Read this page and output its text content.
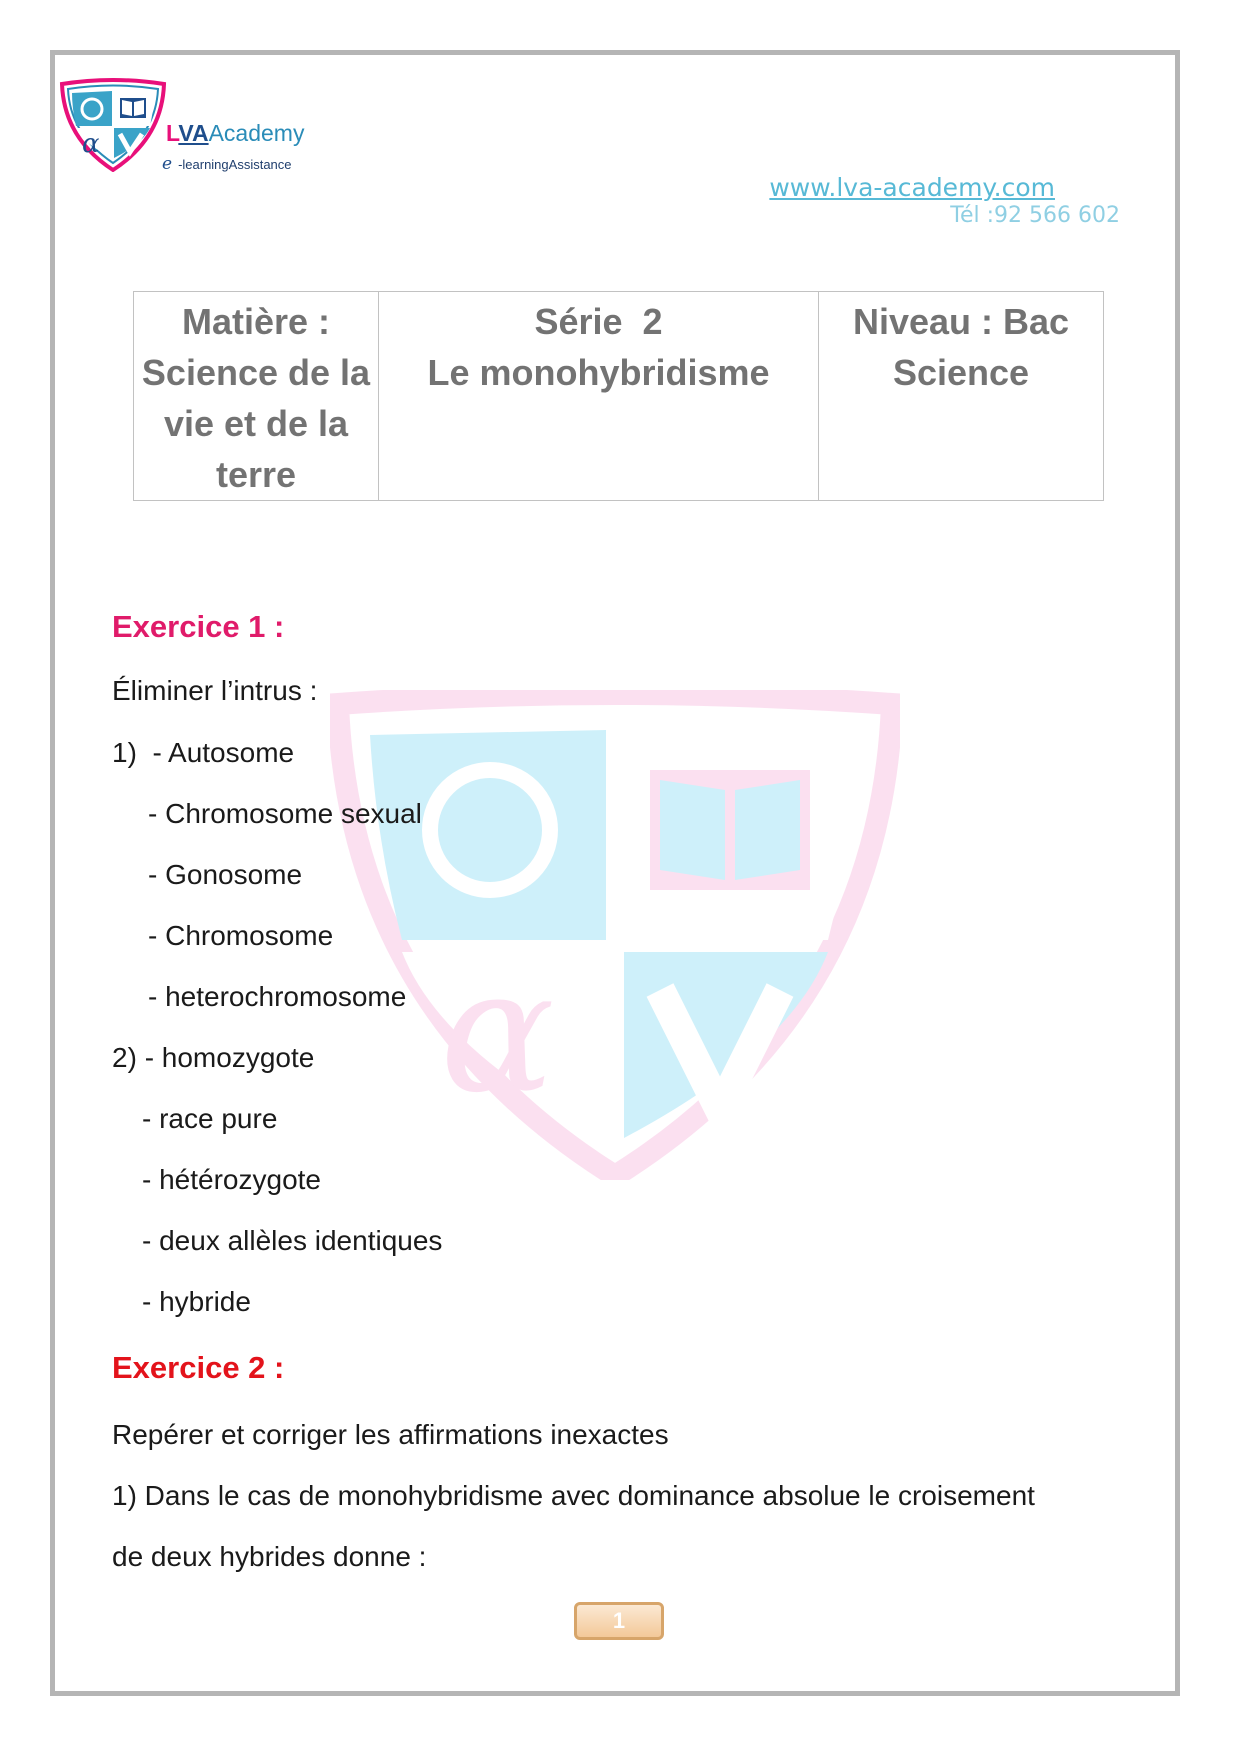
α	LVAAcademy
e -learningAssistance
www.lva-academy.com
Tél :92 566 602
Matière :
Science de la
vie et de la
terre

Série  2
Le monohybridisme

Niveau : Bac
Science
α
Exercice 1 :
Éliminer l’intrus :
1) - Autosome
- Chromosome sexual
- Gonosome
- Chromosome
- heterochromosome
2) - homozygote
- race pure
- hétérozygote
- deux allèles identiques
- hybride
Exercice 2 :
Repérer et corriger les affirmations inexactes
1) Dans le cas de monohybridisme avec dominance absolue le croisement
de deux hybrides donne :
1
